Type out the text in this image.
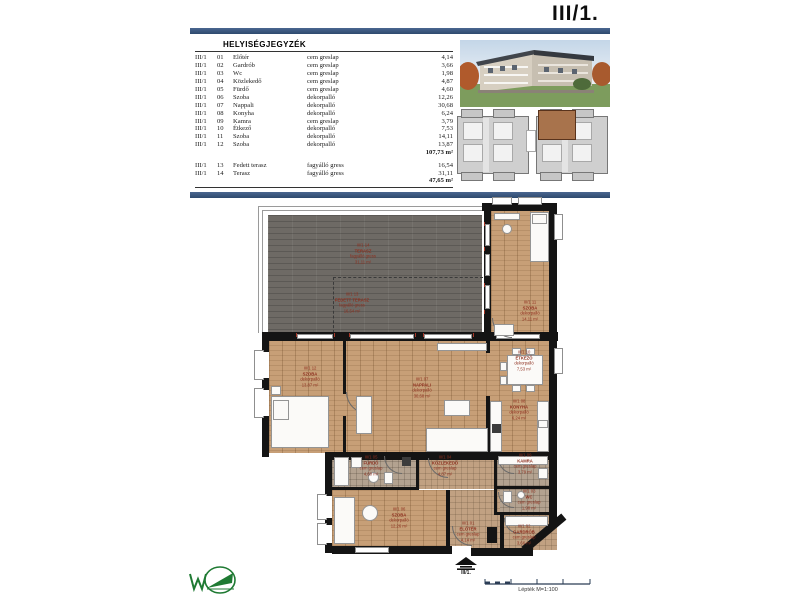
III/1.
HELYISÉGJEGYZÉK
III/1	01	Előtér	cem greslap	4,14
III/1	02	Gardrób	cem greslap	3,66
III/1	03	Wc	cem greslap	1,98
III/1	04	Közlekedő	cem greslap	4,87
III/1	05	Fürdő	cem greslap	4,60
III/1	06	Szoba	dekorpalló	12,26
III/1	07	Nappali	dekorpalló	30,68
III/1	08	Konyha	dekorpalló	6,24
III/1	09	Kamra	cem greslap	3,79
III/1	10	Étkező	dekorpalló	7,53
III/1	11	Szoba	dekorpalló	14,11
III/1	12	Szoba	dekorpalló	13,87
107,73 m²
III/1	13	Fedett terasz	fagyálló gress	16,54
III/1	14	Terasz	fagyálló gress	31,11
47,65 m²
III/1 14
TERASZ
fagyálló gress
31,11 m²
III/1 13
FEDETT TERASZ
fagyálló gress
16,54 m²
III/1 11
SZOBA
dekorpalló
14,11 m²
III/1 12
SZOBA
dekorpalló
13,87 m²
III/1 07
NAPPALI
dekorpalló
30,68 m²
III/1 10
ÉTKEZŐ
dekorpalló
7,53 m²
III/1 08
KONYHA
dekorpalló
6,24 m²
III/1 05
FÜRDŐ
cem greslap
4,60 m²
III/1 04
KÖZLEKEDŐ
cem greslap
4,87 m²
III/1 09
KAMRA
cem greslap
3,79 m²
III/1 06
SZOBA
dekorpalló
12,26 m²
III/1 03
WC
cem greslap
1,98 m²
III/1 01
ELŐTÉR
cem greslap
4,14 m²
III/1 02
GARDRÓB
cem greslap
3,66 m²
III/1.
Lépték M=1:100
